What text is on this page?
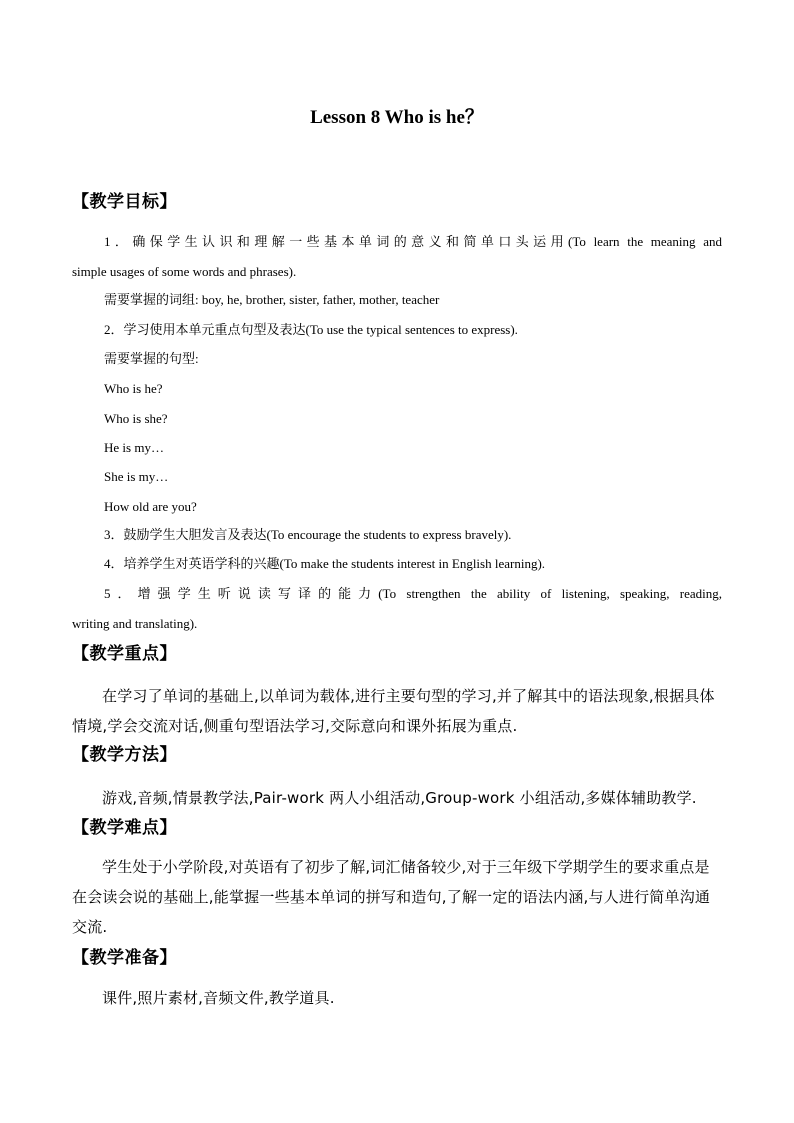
Lesson 8 Who is he？
【教学目标】
1．确保学生认识和理解一些基本单词的意义和简单口头运用(To learn the meaning and
simple usages of some words and phrases).
需要掌握的词组: boy, he, brother, sister, father, mother, teacher
2．学习使用本单元重点句型及表达(To use the typical sentences to express).
需要掌握的句型:
Who is he?
Who is she?
He is my…
She is my…
How old are you?
3．鼓励学生大胆发言及表达(To encourage the students to express bravely).
4．培养学生对英语学科的兴趣(To make the students interest in English learning).
5．增强学生听说读写译的能力(To strengthen the ability of listening, speaking, reading,
writing and translating).
【教学重点】
在学习了单词的基础上,以单词为载体,进行主要句型的学习,并了解其中的语法现象,根据具体情境,学会交流对话,侧重句型语法学习,交际意向和课外拓展为重点.
【教学方法】
游戏,音频,情景教学法,Pair-work 两人小组活动,Group-work 小组活动,多媒体辅助教学.
【教学难点】
学生处于小学阶段,对英语有了初步了解,词汇储备较少,对于三年级下学期学生的要求重点是在会读会说的基础上,能掌握一些基本单词的拼写和造句,了解一定的语法内涵,与人进行简单沟通交流.
【教学准备】
课件,照片素材,音频文件,教学道具.
